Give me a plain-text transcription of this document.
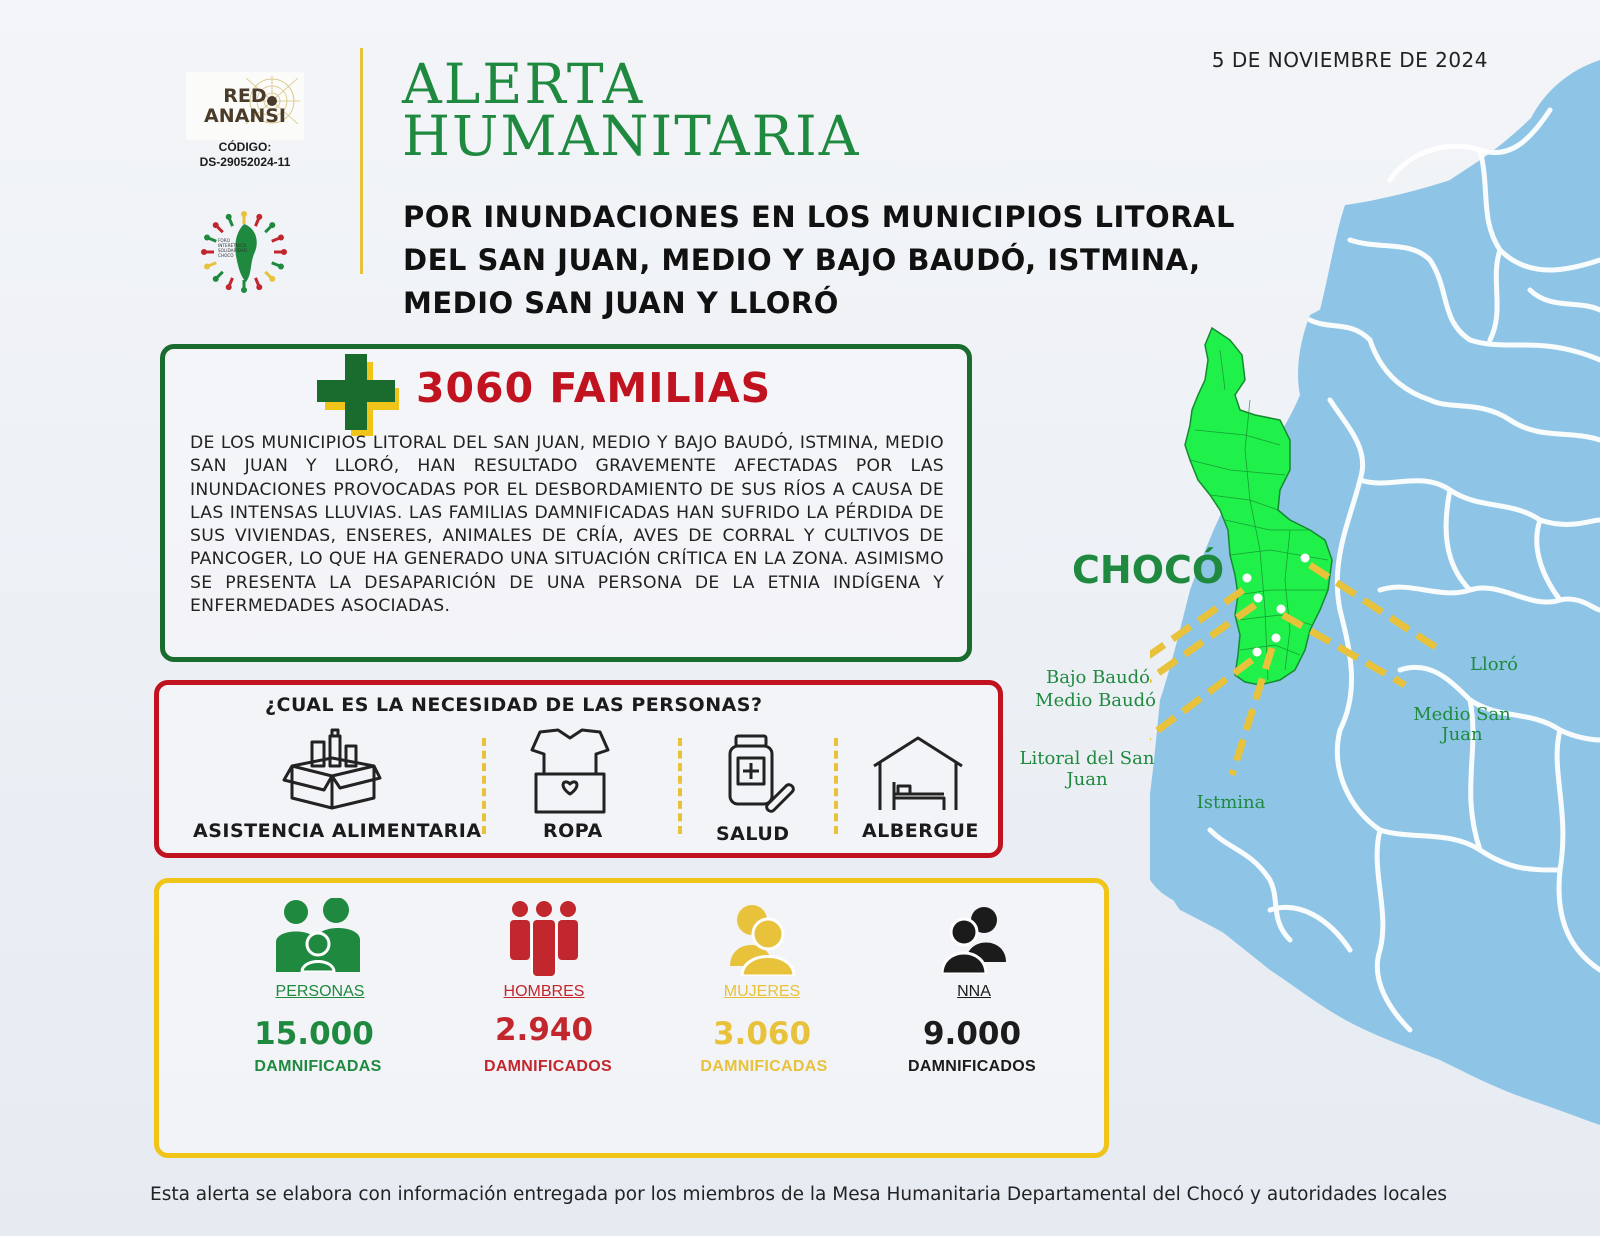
CHOCÓ
Bajo Baudó
Medio Baudó
Litoral del San
Juan
Istmina
Lloró
Medio San
Juan
RED
ANANSI
CÓDIGO:
DS-29052024-11
FORO INTERÉTNICO SOLIDARIDAD CHOCÓ
ALERTA
HUMANITARIA
5 DE NOVIEMBRE DE 2024
POR INUNDACIONES EN LOS MUNICIPIOS LITORAL
DEL SAN JUAN, MEDIO Y BAJO BAUDÓ, ISTMINA,
MEDIO SAN JUAN Y LLORÓ
3060 FAMILIAS
DE LOS MUNICIPIOS LITORAL DEL SAN JUAN, MEDIO Y BAJO BAUDÓ, ISTMINA, MEDIO SAN JUAN Y LLORÓ, HAN RESULTADO GRAVEMENTE AFECTADAS POR LAS INUNDACIONES PROVOCADAS POR EL DESBORDAMIENTO DE SUS RÍOS A CAUSA DE LAS INTENSAS LLUVIAS. LAS FAMILIAS DAMNIFICADAS HAN SUFRIDO LA PÉRDIDA DE SUS VIVIENDAS, ENSERES, ANIMALES DE CRÍA, AVES DE CORRAL Y CULTIVOS DE PANCOGER, LO QUE HA GENERADO UNA SITUACIÓN CRÍTICA EN LA ZONA. ASIMISMO SE PRESENTA LA DESAPARICIÓN DE UNA PERSONA DE LA ETNIA INDÍGENA Y ENFERMEDADES ASOCIADAS.
¿CUAL ES LA NECESIDAD DE LAS PERSONAS?
ASISTENCIA ALIMENTARIA	ROPA	SALUD	ALBERGUE
PERSONAS
15.000
DAMNIFICADAS
HOMBRES
2.940
DAMNIFICADOS
MUJERES
3.060
DAMNIFICADAS
NNA
9.000
DAMNIFICADOS
Esta alerta se elabora con información entregada por los miembros de la Mesa Humanitaria Departamental del Chocó y autoridades locales
